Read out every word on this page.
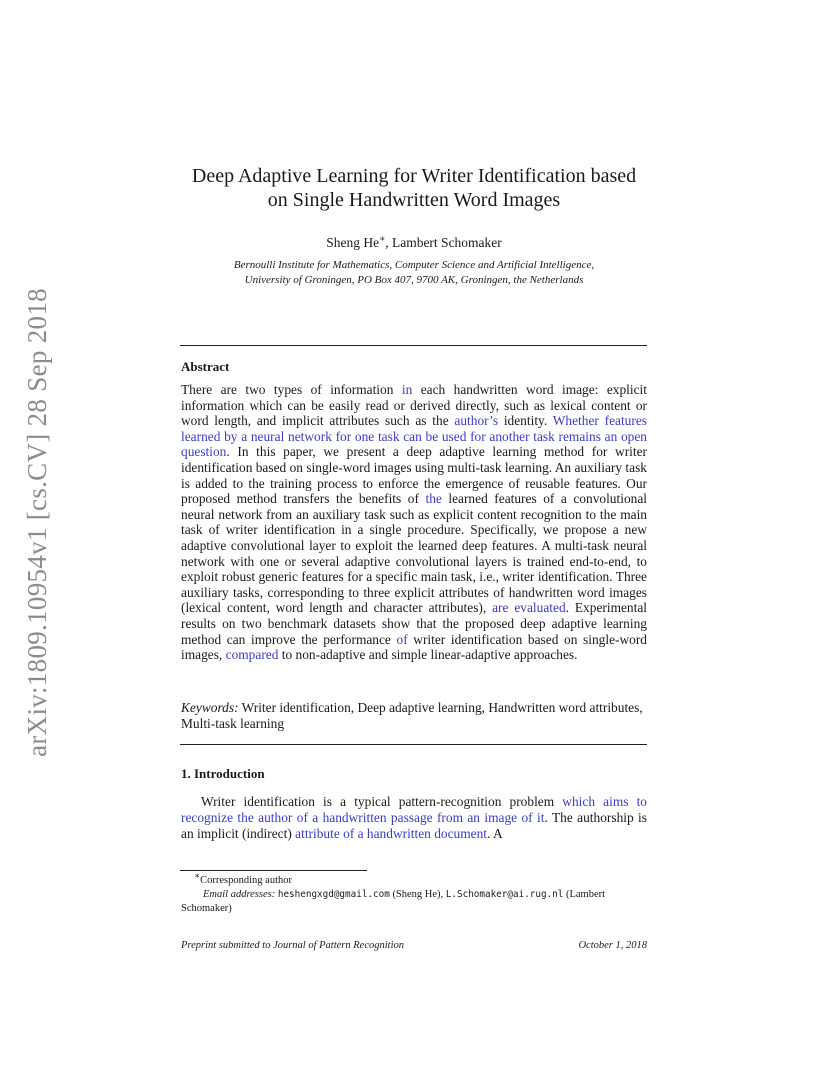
arXiv:1809.10954v1 [cs.CV] 28 Sep 2018
Deep Adaptive Learning for Writer Identification based
on Single Handwritten Word Images
Sheng He∗, Lambert Schomaker
Bernoulli Institute for Mathematics, Computer Science and Artificial Intelligence,
University of Groningen, PO Box 407, 9700 AK, Groningen, the Netherlands
Abstract
There are two types of information in each handwritten word image: explicit information which can be easily read or derived directly, such as lexical content or word length, and implicit attributes such as the author’s identity. Whether features learned by a neural network for one task can be used for another task remains an open question. In this paper, we present a deep adaptive learning method for writer identification based on single-word images using multi-task learning. An auxiliary task is added to the training process to enforce the emergence of reusable features. Our proposed method transfers the benefits of the learned features of a convolutional neural network from an auxiliary task such as explicit content recognition to the main task of writer identification in a single procedure. Specifically, we propose a new adaptive convolutional layer to exploit the learned deep features. A multi-task neural network with one or several adaptive convolutional layers is trained end-to-end, to exploit robust generic features for a specific main task, i.e., writer identification. Three auxiliary tasks, corresponding to three explicit attributes of handwritten word images (lexical content, word length and character attributes), are evaluated. Experimental results on two benchmark datasets show that the proposed deep adaptive learning method can improve the performance of writer identification based on single-word images, compared to non-adaptive and simple linear-adaptive approaches.
Keywords: Writer identification, Deep adaptive learning, Handwritten word attributes, Multi-task learning
1. Introduction
Writer identification is a typical pattern-recognition problem which aims to recognize the author of a handwritten passage from an image of it. The authorship is an implicit (indirect) attribute of a handwritten document. A
∗Corresponding author
Email addresses: heshengxgd@gmail.com (Sheng He), L.Schomaker@ai.rug.nl (Lambert Schomaker)
Preprint submitted to Journal of Pattern Recognition	October 1, 2018
